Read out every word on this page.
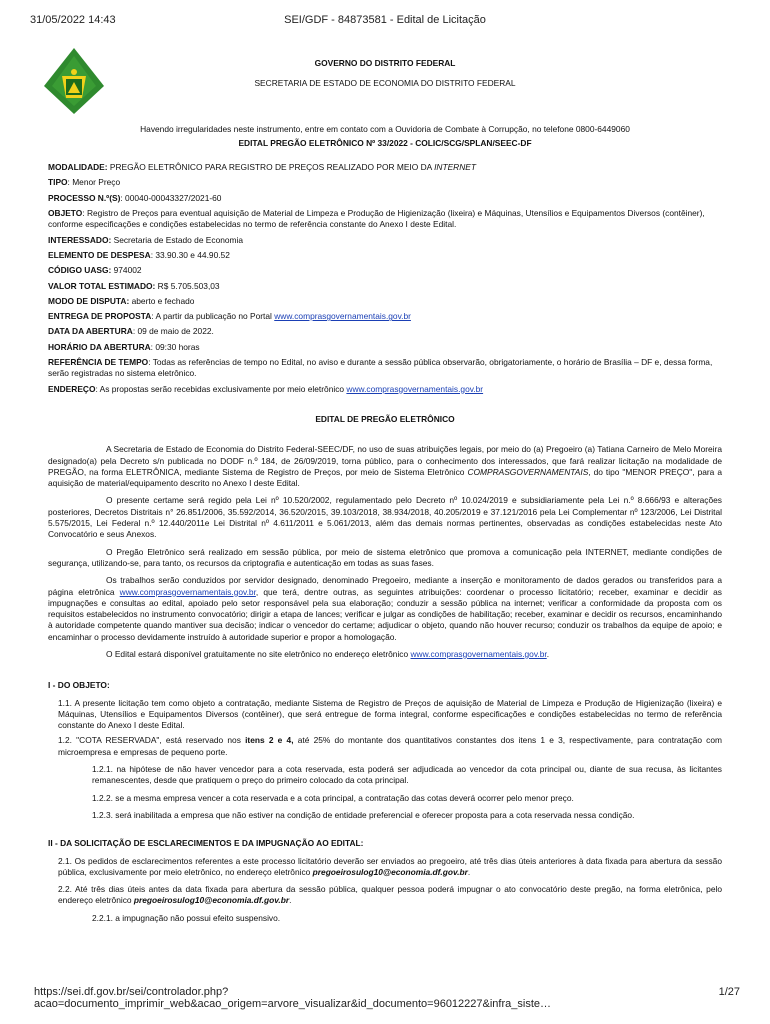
31/05/2022 14:43	SEI/GDF - 84873581 - Edital de Licitação
GOVERNO DO DISTRITO FEDERAL
SECRETARIA DE ESTADO DE ECONOMIA DO DISTRITO FEDERAL
Havendo irregularidades neste instrumento, entre em contato com a Ouvidoria de Combate à Corrupção, no telefone 0800-6449060
EDITAL PREGÃO ELETRÔNICO Nº 33/2022 - COLIC/SCG/SPLAN/SEEC-DF

MODALIDADE: PREGÃO ELETRÔNICO PARA REGISTRO DE PREÇOS REALIZADO POR MEIO DA INTERNET

TIPO: Menor Preço

PROCESSO N.º(S): 00040-00043327/2021-60

OBJETO: Registro de Preços para eventual aquisição de Material de Limpeza e Produção de Higienização (lixeira) e Máquinas, Utensílios e Equipamentos Diversos (contêiner), conforme especificações e condições estabelecidas no termo de referência constante do Anexo I deste Edital.

INTERESSADO: Secretaria de Estado de Economia

ELEMENTO DE DESPESA: 33.90.30 e 44.90.52

CÓDIGO UASG: 974002

VALOR TOTAL ESTIMADO: R$ 5.705.503,03

MODO DE DISPUTA: aberto e fechado

ENTREGA DE PROPOSTA: A partir da publicação no Portal www.comprasgovernamentais.gov.br

DATA DA ABERTURA: 09 de maio de 2022.

HORÁRIO DA ABERTURA: 09:30 horas

REFERÊNCIA DE TEMPO: Todas as referências de tempo no Edital, no aviso e durante a sessão pública observarão, obrigatoriamente, o horário de Brasília – DF e, dessa forma, serão registradas no sistema eletrônico.

ENDEREÇO: As propostas serão recebidas exclusivamente por meio eletrônico www.comprasgovernamentais.gov.br

EDITAL DE PREGÃO ELETRÔNICO

A Secretaria de Estado de Economia do Distrito Federal-SEEC/DF, no uso de suas atribuições legais, por meio do (a) Pregoeiro (a) Tatiana Carneiro de Melo Moreira designado(a) pela Decreto s/n publicada no DODF n.º 184, de 26/09/2019, torna público, para o conhecimento dos interessados, que fará realizar licitação na modalidade de PREGÃO, na forma ELETRÔNICA, mediante Sistema de Registro de Preços, por meio de Sistema Eletrônico COMPRASGOVERNAMENTAIS, do tipo "MENOR PREÇO", para a aquisição de material/equipamento descrito no Anexo I deste Edital.

O presente certame será regido pela Lei nº 10.520/2002, regulamentado pelo Decreto nº 10.024/2019 e subsidiariamente pela Lei n.º 8.666/93 e alterações posteriores, Decretos Distritais n° 26.851/2006, 35.592/2014, 36.520/2015, 39.103/2018, 38.934/2018, 40.205/2019 e 37.121/2016 pela Lei Complementar nº 123/2006, Lei Distrital 5.575/2015, Lei Federal n.º 12.440/2011e Lei Distrital nº 4.611/2011 e 5.061/2013, além das demais normas pertinentes, observadas as condições estabelecidas neste Ato Convocatório e seus Anexos.

O Pregão Eletrônico será realizado em sessão pública, por meio de sistema eletrônico que promova a comunicação pela INTERNET, mediante condições de segurança, utilizando-se, para tanto, os recursos da criptografia e autenticação em todas as suas fases.

Os trabalhos serão conduzidos por servidor designado, denominado Pregoeiro, mediante a inserção e monitoramento de dados gerados ou transferidos para a página eletrônica www.comprasgovernamentais.gov.br, que terá, dentre outras, as seguintes atribuições: coordenar o processo licitatório; receber, examinar e decidir as impugnações e consultas ao edital, apoiado pelo setor responsável pela sua elaboração; conduzir a sessão pública na internet; verificar a conformidade da proposta com os requisitos estabelecidos no instrumento convocatório; dirigir a etapa de lances; verificar e julgar as condições de habilitação; receber, examinar e decidir os recursos, encaminhando à autoridade competente quando mantiver sua decisão; indicar o vencedor do certame; adjudicar o objeto, quando não houver recurso; conduzir os trabalhos da equipe de apoio; e encaminhar o processo devidamente instruído à autoridade superior e propor a homologação.

O Edital estará disponível gratuitamente no site eletrônico no endereço eletrônico www.comprasgovernamentais.gov.br.

I - DO OBJETO:

1.1. A presente licitação tem como objeto a contratação, mediante Sistema de Registro de Preços de aquisição de Material de Limpeza e Produção de Higienização (lixeira) e Máquinas, Utensílios e Equipamentos Diversos (contêiner), que será entregue de forma integral, conforme especificações e condições estabelecidas no termo de referência constante do Anexo I deste Edital.

1.2. "COTA RESERVADA", está reservado nos itens 2 e 4, até 25% do montante dos quantitativos constantes dos itens 1 e 3, respectivamente, para contratação com microempresa e empresas de pequeno porte.

1.2.1. na hipótese de não haver vencedor para a cota reservada, esta poderá ser adjudicada ao vencedor da cota principal ou, diante de sua recusa, às licitantes remanescentes, desde que pratiquem o preço do primeiro colocado da cota principal.

1.2.2. se a mesma empresa vencer a cota reservada e a cota principal, a contratação das cotas deverá ocorrer pelo menor preço.

1.2.3. será inabilitada a empresa que não estiver na condição de entidade preferencial e oferecer proposta para a cota reservada nessa condição.

II - DA SOLICITAÇÃO DE ESCLARECIMENTOS E DA IMPUGNAÇÃO AO EDITAL:

2.1. Os pedidos de esclarecimentos referentes a este processo licitatório deverão ser enviados ao pregoeiro, até três dias úteis anteriores à data fixada para abertura da sessão pública, exclusivamente por meio eletrônico, no endereço eletrônico pregoeirosulog10@economia.df.gov.br.

2.2. Até três dias úteis antes da data fixada para abertura da sessão pública, qualquer pessoa poderá impugnar o ato convocatório deste pregão, na forma eletrônica, pelo endereço eletrônico pregoeirosulog10@economia.df.gov.br.

2.2.1. a impugnação não possui efeito suspensivo.

https://sei.df.gov.br/sei/controlador.php?acao=documento_imprimir_web&acao_origem=arvore_visualizar&id_documento=96012227&infra_siste…
1/27
